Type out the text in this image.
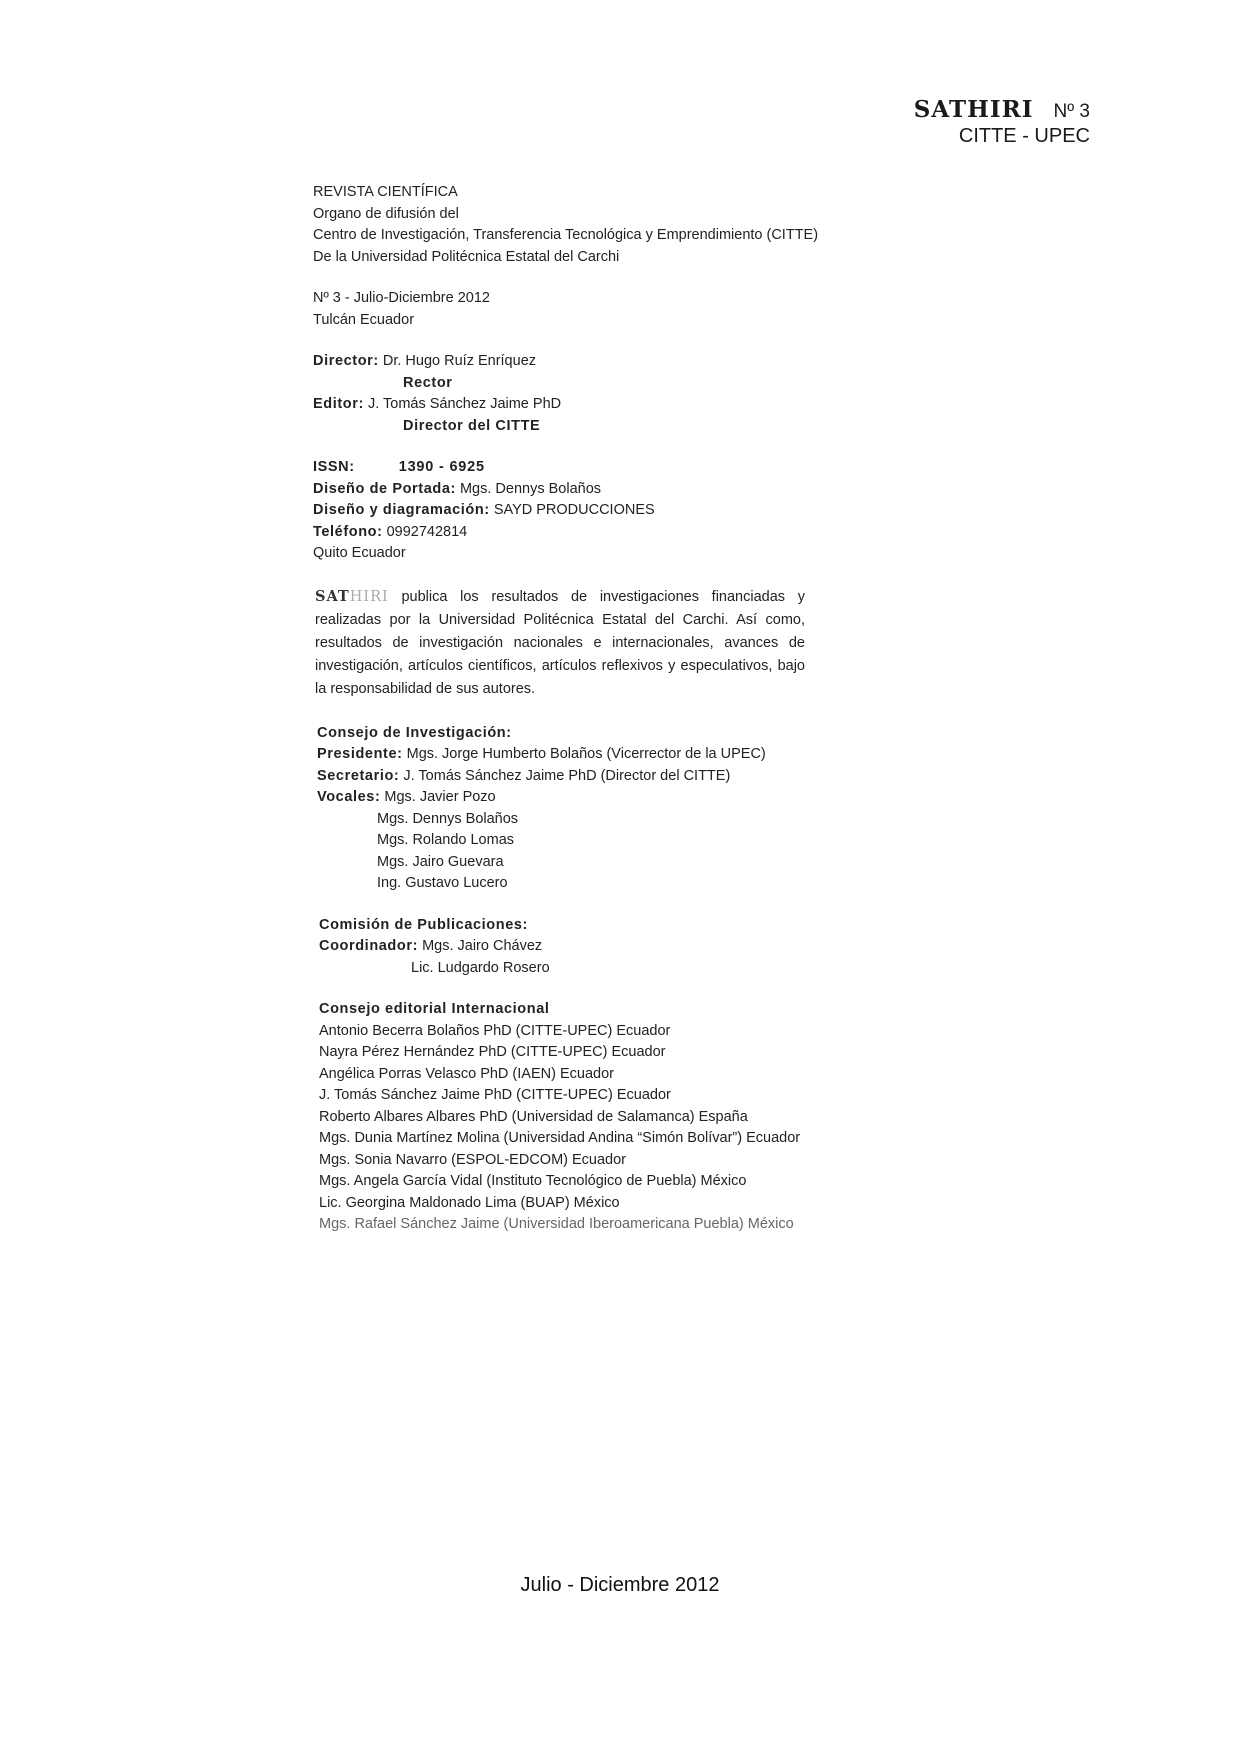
SATHIRI Nº 3
CITTE - UPEC
REVISTA CIENTÍFICA
Organo de difusión del
Centro de Investigación, Transferencia Tecnológica y Emprendimiento (CITTE)
De la Universidad Politécnica Estatal del Carchi
Nº 3 - Julio-Diciembre 2012
Tulcán Ecuador
Director: Dr. Hugo Ruíz Enríquez
Rector
Editor: J. Tomás Sánchez Jaime PhD
Director del CITTE
ISSN:	1390 - 6925
Diseño de Portada: Mgs. Dennys Bolaños
Diseño y diagramación: SAYD PRODUCCIONES
Teléfono: 0992742814
Quito Ecuador
SATHIRI publica los resultados de investigaciones financiadas y realizadas por la Universidad Politécnica Estatal del Carchi. Así como, resultados de investigación nacionales e internacionales, avances de investigación, artículos científicos, artículos reflexivos y especulativos, bajo la responsabilidad de sus autores.
Consejo de Investigación:
Presidente: Mgs. Jorge Humberto Bolaños (Vicerrector de la UPEC)
Secretario: J. Tomás Sánchez Jaime PhD (Director del CITTE)
Vocales: Mgs. Javier Pozo
Mgs. Dennys Bolaños
Mgs. Rolando Lomas
Mgs. Jairo Guevara
Ing. Gustavo Lucero
Comisión de Publicaciones:
Coordinador: Mgs. Jairo Chávez
Lic. Ludgardo Rosero
Consejo editorial Internacional
Antonio Becerra Bolaños PhD (CITTE-UPEC) Ecuador
Nayra Pérez Hernández PhD (CITTE-UPEC) Ecuador
Angélica Porras Velasco PhD (IAEN) Ecuador
J. Tomás Sánchez Jaime PhD (CITTE-UPEC) Ecuador
Roberto Albares Albares PhD (Universidad de Salamanca) España
Mgs. Dunia Martínez Molina (Universidad Andina “Simón Bolívar”) Ecuador
Mgs. Sonia Navarro (ESPOL-EDCOM) Ecuador
Mgs. Angela García Vidal (Instituto Tecnológico de Puebla) México
Lic. Georgina Maldonado Lima (BUAP) México
Mgs. Rafael Sánchez Jaime (Universidad Iberoamericana Puebla) México
Julio - Diciembre 2012
